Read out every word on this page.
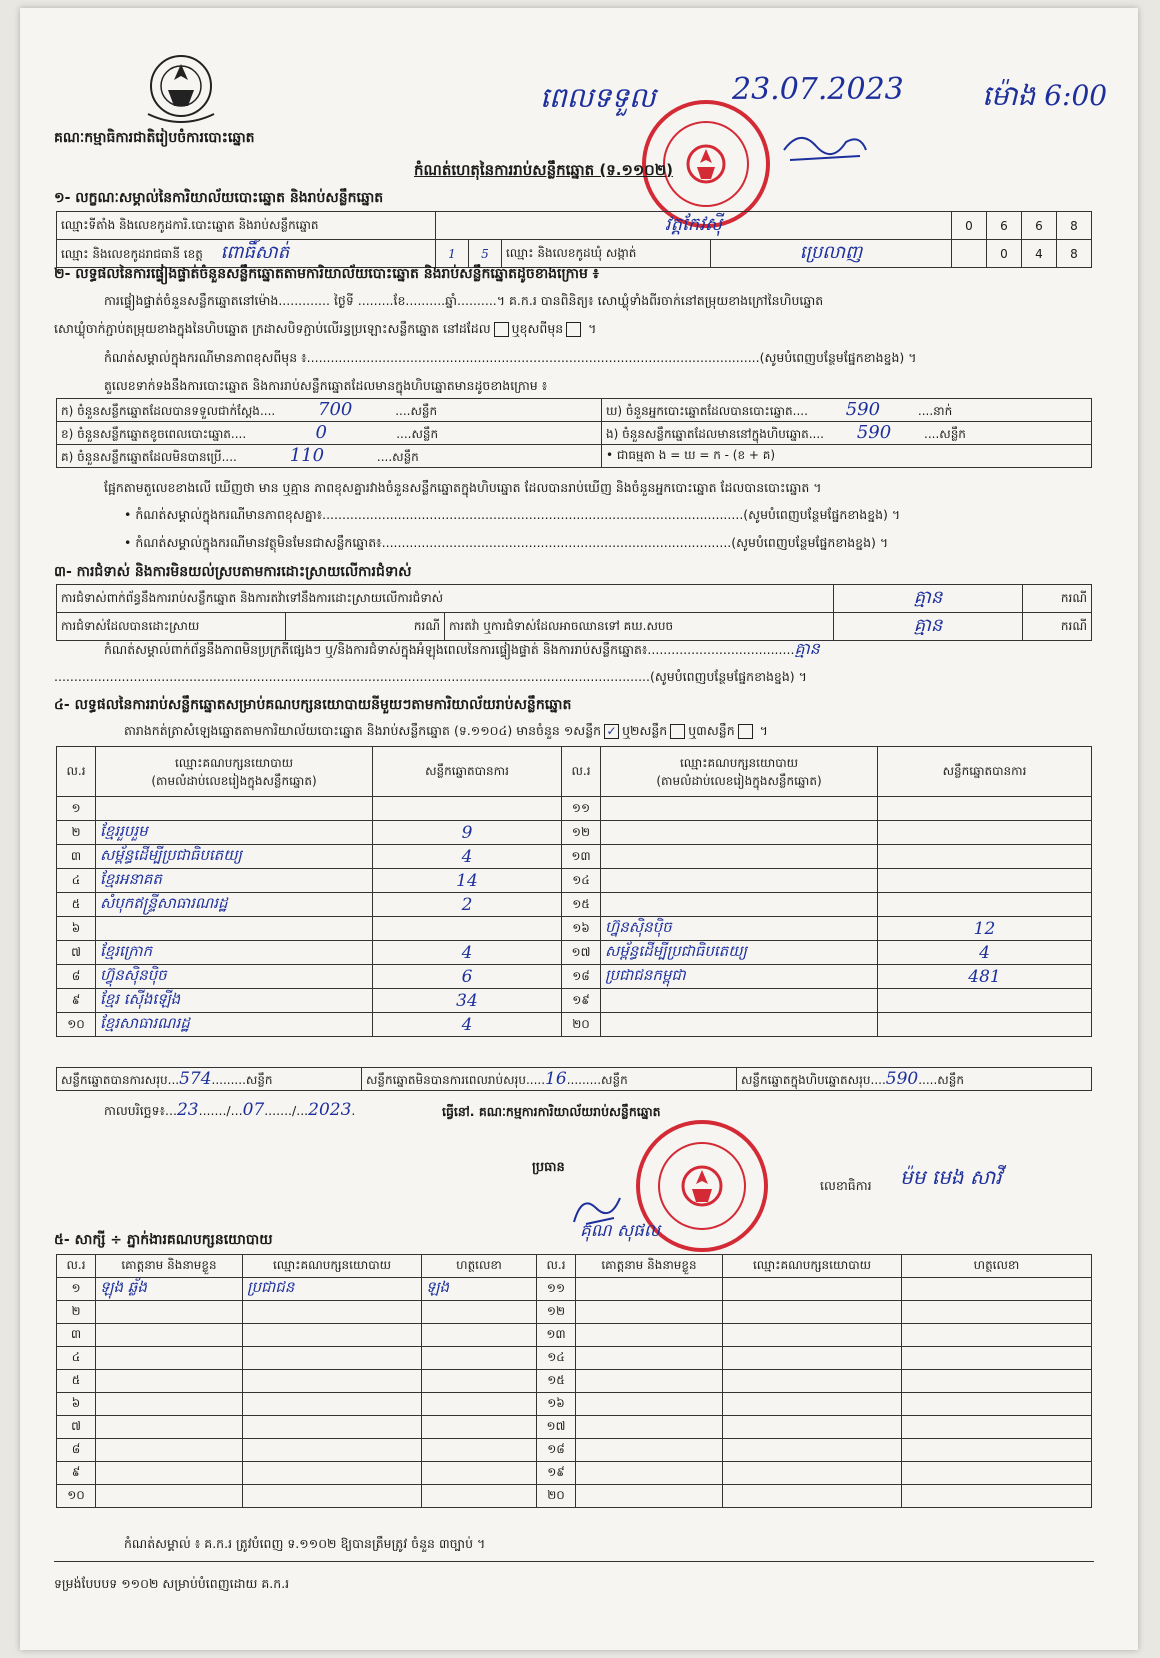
ពេលទទួល	23.07.2023	ម៉ោង 6:00
គណៈកម្មាធិការជាតិរៀបចំការបោះឆ្នោត
កំណត់ហេតុនៃការរាប់សន្លឹកឆ្នោត (ទ.១១០២)
១- លក្ខណៈសម្គាល់នៃការិយាល័យបោះឆ្នោត និងរាប់សន្លឹកឆ្នោត
ឈ្មោះទីតាំង និងលេខកូដការិ.បោះឆ្នោត និងរាប់សន្លឹកឆ្នោត	វត្តកែវស៊ី				0	6	6	8
ឈ្មោះ និងលេខកូដរាជធានី ខេត្ត ពោធិ៍សាត់	1	5	ឈ្មោះ និងលេខកូដឃុំ សង្កាត់	ប្រេលាញ		0	4	8
២- លទ្ធផលនៃការផ្ទៀងផ្ទាត់ចំនួនសន្លឹកឆ្នោតតាមការិយាល័យបោះឆ្នោត និងរាប់សន្លឹកឆ្នោតដូចខាងក្រោម ៖
ការផ្ទៀងផ្ទាត់ចំនួនសន្លឹកឆ្នោតនៅម៉ោង............. ថ្ងៃទី .........ខែ..........ឆ្នាំ..........។ គ.ក.រ បានពិនិត្យ៖ សោឃ្លុំទាំងពីរចាក់នៅតម្រុយខាងក្រៅនៃហិបឆ្នោត
សោឃ្លុំចាក់ភ្ជាប់តម្រុយខាងក្នុងនៃហិបឆ្នោត ក្រដាសបិទភ្ជាប់លើរន្ធប្រឡោះសន្លឹកឆ្នោត នៅដដែល ឬខុសពីមុន ។
កំណត់សម្គាល់ក្នុងករណីមានភាពខុសពីមុន ៖..................................................................................................................(សូមបំពេញបន្ថែមផ្នែកខាងខ្នង) ។
តួលេខទាក់ទងនឹងការបោះឆ្នោត និងការរាប់សន្លឹកឆ្នោតដែលមានក្នុងហិបឆ្នោតមានដូចខាងក្រោម ៖
ក) ចំនួនសន្លឹកឆ្នោតដែលបានទទួលជាក់ស្តែង.... 700 ....សន្លឹក	ឃ) ចំនួនអ្នកបោះឆ្នោតដែលបានបោះឆ្នោត.... 590 ....នាក់
ខ) ចំនួនសន្លឹកឆ្នោតខូចពេលបោះឆ្នោត.... 0 ....សន្លឹក	ង) ចំនួនសន្លឹកឆ្នោតដែលមាននៅក្នុងហិបឆ្នោត.... 590 ....សន្លឹក
គ) ចំនួនសន្លឹកឆ្នោតដែលមិនបានប្រើ.... 110 ....សន្លឹក	• ជាធម្មតា ង = ឃ = ក - (ខ + គ)
ផ្អែកតាមតួលេខខាងលើ ឃើញថា មាន ឬគ្មាន ភាពខុសគ្នារវាងចំនួនសន្លឹកឆ្នោតក្នុងហិបឆ្នោត ដែលបានរាប់ឃើញ និងចំនួនអ្នកបោះឆ្នោត ដែលបានបោះឆ្នោត ។
• កំណត់សម្គាល់ក្នុងករណីមានភាពខុសគ្នា៖..........................................................................................................(សូមបំពេញបន្ថែមផ្នែកខាងខ្នង) ។
• កំណត់សម្គាល់ក្នុងករណីមានវត្ថុមិនមែនជាសន្លឹកឆ្នោត៖........................................................................................(សូមបំពេញបន្ថែមផ្នែកខាងខ្នង) ។
៣- ការជំទាស់ និងការមិនយល់ស្របតាមការដោះស្រាយលើការជំទាស់
ការជំទាស់ពាក់ព័ន្ធនឹងការរាប់សន្លឹកឆ្នោត និងការតវ៉ាទៅនឹងការដោះស្រាយលើការជំទាស់			គ្មាន	ករណី
ការជំទាស់ដែលបានដោះស្រាយ	ករណី	ការតវ៉ា ឬការជំទាស់ដែលអាចឈានទៅ គឃ.សបច	គ្មាន	ករណី
កំណត់សម្គាល់ពាក់ព័ន្ធនឹងភាពមិនប្រក្រតីផ្សេងៗ ឬ/និងការជំទាស់ក្នុងអំឡុងពេលនៃការផ្ទៀងផ្ទាត់ និងការរាប់សន្លឹកឆ្នោត៖.....................................គ្មាន
......................................................................................................................................................(សូមបំពេញបន្ថែមផ្នែកខាងខ្នង) ។
៤- លទ្ធផលនៃការរាប់សន្លឹកឆ្នោតសម្រាប់គណបក្សនយោបាយនីមួយៗតាមការិយាល័យរាប់សន្លឹកឆ្នោត
តារាងកត់ត្រាសំឡេងឆ្នោតតាមការិយាល័យបោះឆ្នោត និងរាប់សន្លឹកឆ្នោត (ទ.១១០៤) មានចំនួន ១សន្លឹក ✓ ឬ២សន្លឹក ឬ៣សន្លឹក ។
ល.រ	ឈ្មោះគណបក្សនយោបាយ
(តាមលំដាប់លេខរៀងក្នុងសន្លឹកឆ្នោត)	សន្លឹកឆ្នោតបានការ	ល.រ	ឈ្មោះគណបក្សនយោបាយ
(តាមលំដាប់លេខរៀងក្នុងសន្លឹកឆ្នោត)	សន្លឹកឆ្នោតបានការ
១			១១		
២	ខ្មែររួបរួម	9	១២		
៣	សម្ព័ន្ធដើម្បីប្រជាធិបតេយ្យ	4	១៣		
៤	ខ្មែរអនាគត	14	១៤		
៥	សំបុកឥន្ទ្រីសាធារណរដ្ឋ	2	១៥		
៦			១៦	ហ្វ៊ុនស៊ិនប៉ិច	12
៧	ខ្មែរក្រោក	4	១៧	សម្ព័ន្ធដើម្បីប្រជាធិបតេយ្យ	4
៨	ហ៊្វុនស៊ិនប៉ិច	6	១៨	ប្រជាជនកម្ពុជា	481
៩	ខ្មែរ ស៊ើងឡើង	34	១៩		
១០	ខ្មែរសាធារណរដ្ឋ	4	២០		
សន្លឹកឆ្នោតបានការសរុប...574.........សន្លឹក	សន្លឹកឆ្នោតមិនបានការពេលរាប់សរុប.....16.........សន្លឹក	សន្លឹកឆ្នោតក្នុងហិបឆ្នោតសរុប....590.....សន្លឹក
កាលបរិច្ឆេទ៖...23......./...07......./...2023.	ធ្វើនៅ. គណៈកម្មការការិយាល័យរាប់សន្លឹកឆ្នោត
ប្រធាន
គុណ សុផល
លេខាធិការ ម៉ម មេង សាវី
៥- សាក្សី ÷ ភ្នាក់ងារគណបក្សនយោបាយ
ល.រ	គោត្តនាម និងនាមខ្លួន	ឈ្មោះគណបក្សនយោបាយ	ហត្ថលេខា	ល.រ	គោត្តនាម និងនាមខ្លួន	ឈ្មោះគណបក្សនយោបាយ	ហត្ថលេខា
១	ឡុង ឆ្ល័ង	ប្រជាជន	ឡង	១១			
២				១២			
៣				១៣			
៤				១៤			
៥				១៥			
៦				១៦			
៧				១៧			
៨				១៨			
៩				១៩			
១០				២០			
កំណត់សម្គាល់ ៖ គ.ក.រ ត្រូវបំពេញ ទ.១១០២ ឱ្យបានត្រឹមត្រូវ ចំនួន ៣ច្បាប់ ។
ទម្រង់បែបបទ ១១០២ សម្រាប់បំពេញដោយ គ.ក.រ
